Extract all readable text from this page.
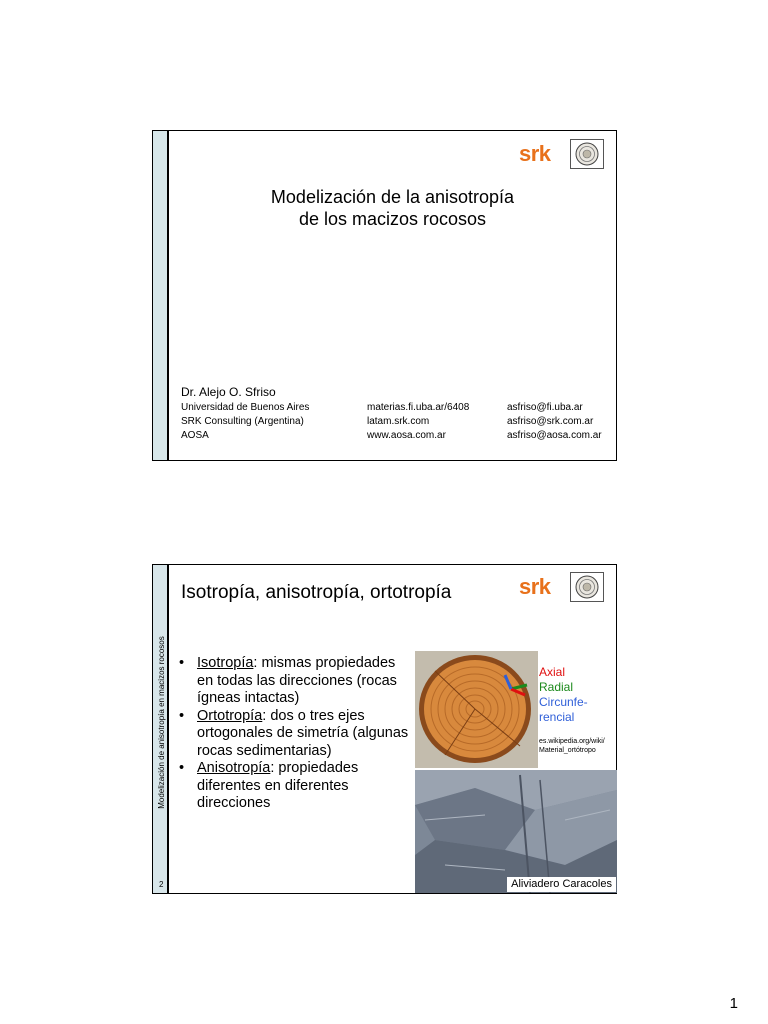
srk
Modelización de la anisotropía
de los macizos rocosos
Dr. Alejo O. Sfriso
Universidad de Buenos Aires	materias.fi.uba.ar/6408	asfriso@fi.uba.ar
SRK Consulting (Argentina)	latam.srk.com	asfriso@srk.com.ar
AOSA	www.aosa.com.ar	asfriso@aosa.com.ar
Modelización de anisotropía en macizos rocosos
2
srk
Isotropía, anisotropía, ortotropía
• Isotropía: mismas propiedades en todas las direcciones (rocas ígneas intactas)
• Ortotropía: dos o tres ejes ortogonales de simetría (algunas rocas sedimentarias)
• Anisotropía: propiedades diferentes en diferentes direcciones
Axial
Radial
Circunfe-
rencial
es.wikipedia.org/wiki/
Material_ortótropo
Aliviadero Caracoles
1
